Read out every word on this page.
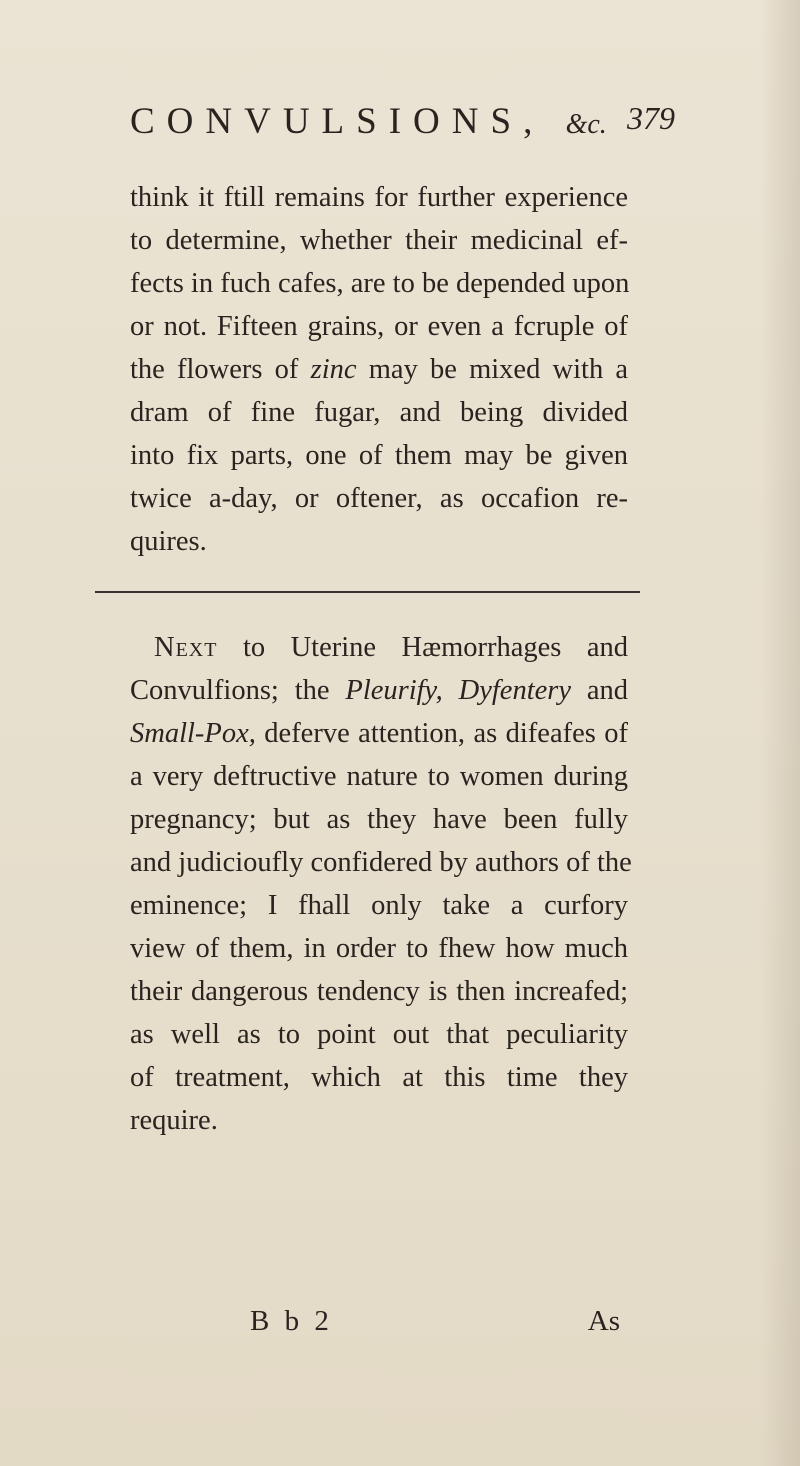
CONVULSIONS, &c. 379
think it ftill remains for further experience
to determine, whether their medicinal ef-
fects in fuch cafes, are to be depended upon
or not. Fifteen grains, or even a fcruple of
the flowers of zinc may be mixed with a
dram of fine fugar, and being divided
into fix parts, one of them may be given
twice a-day, or oftener, as occafion re-
quires.
Next to Uterine Hæmorrhages and
Convulfions; the Pleurify, Dyfentery and
Small-Pox, deferve attention, as difeafes of
a very deftructive nature to women during
pregnancy; but as they have been fully
and judicioufly confidered by authors of the
eminence; I fhall only take a curfory
view of them, in order to fhew how much
their dangerous tendency is then increafed;
as well as to point out that peculiarity
of treatment, which at this time they
require.
B b 2	As
